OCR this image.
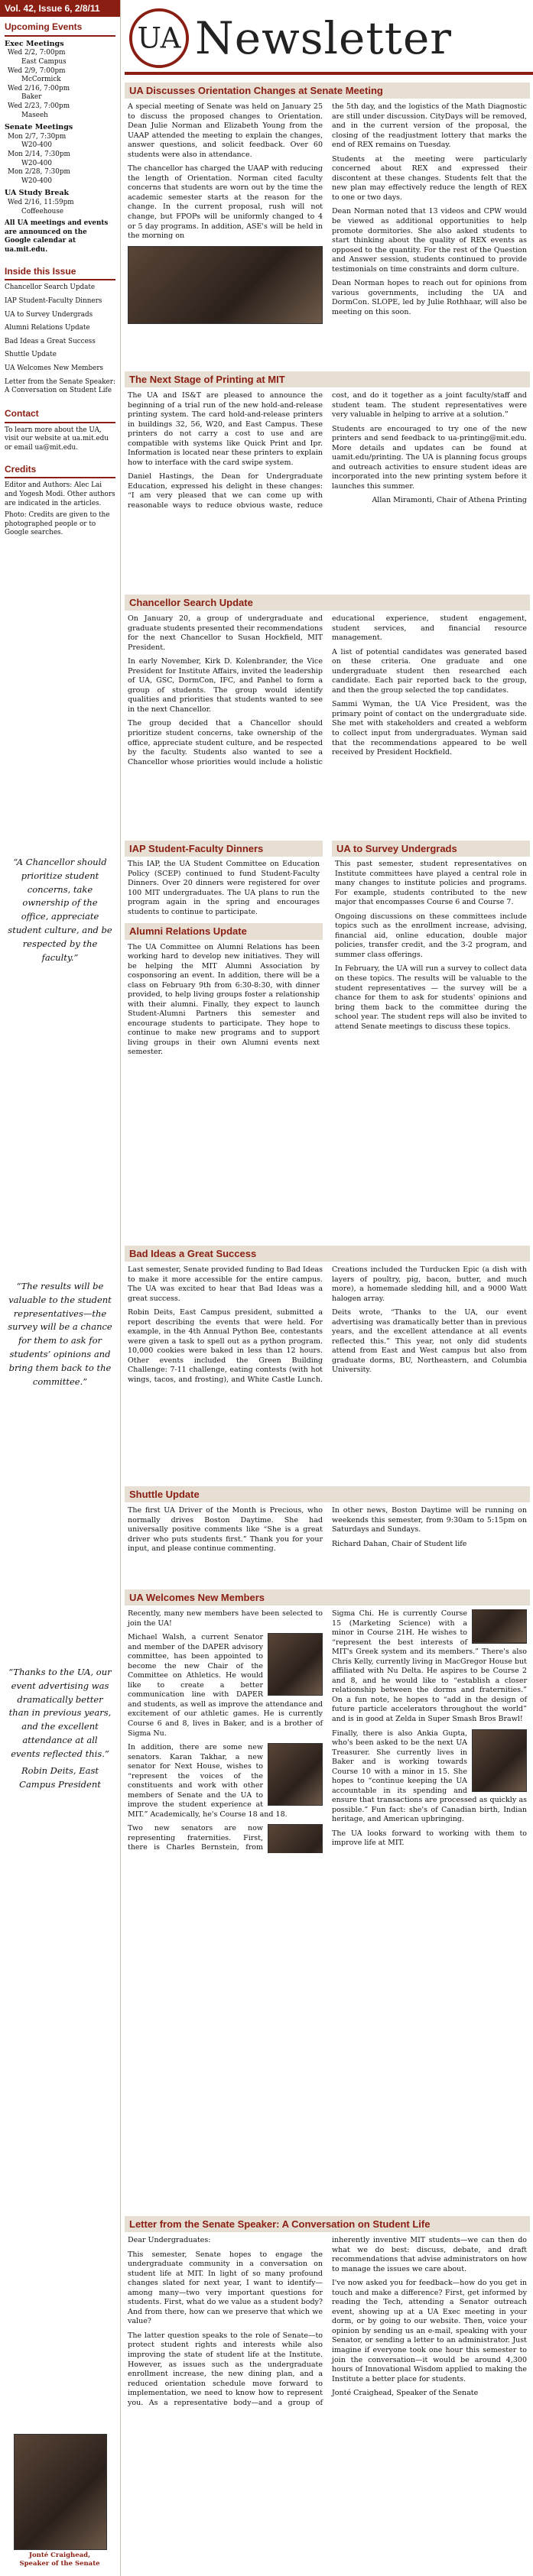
Vol. 42, Issue 6, 2/8/11
Upcoming Events
Exec Meetings
Wed 2/2, 7:00pm
East Campus
Wed 2/9, 7:00pm
McCormick
Wed 2/16, 7:00pm
Baker
Wed 2/23, 7:00pm
Maseeh
Senate Meetings
Mon 2/7, 7:30pm
W20-400
Mon 2/14, 7:30pm
W20-400
Mon 2/28, 7:30pm
W20-400
UA Study Break
Wed 2/16, 11:59pm
Coffeehouse
All UA meetings and events are announced on the Google calendar at ua.mit.edu.
Inside this Issue
Chancellor Search Update
IAP Student-Faculty Dinners
UA to Survey Undergrads
Alumni Relations Update
Bad Ideas a Great Success
Shuttle Update
UA Welcomes New Members
Letter from the Senate Speaker: A Conversation on Student Life
Contact

To learn more about the UA, visit our website at ua.mit.edu or email ua@mit.edu.

Credits

Editor and Authors: Alec Lai and Yogesh Modi. Other authors are indicated in the articles.

Photo: Credits are given to the photographed people or to Google searches.

“A Chancellor should prioritize student concerns, take ownership of the office, appreciate student culture, and be respected by the faculty.”
“The results will be valuable to the student representatives—the survey will be a chance for them to ask for students’ opinions and bring them back to the committee.”
“Thanks to the UA, our event advertising was dramatically better than in previous years, and the excellent attendance at all events reflected this.”
Robin Deits, East Campus President
Jonté Craighead, Speaker of the Senate
UA Newsletter
UA Discusses Orientation Changes at Senate Meeting

A special meeting of Senate was held on January 25 to discuss the proposed changes to Orientation. Dean Julie Norman and Elizabeth Young from the UAAP attended the meeting to explain the changes, answer questions, and solicit feedback. Over 60 students were also in attendance.

The chancellor has charged the UAAP with reducing the length of Orientation. Norman cited faculty concerns that students are worn out by the time the academic semester starts at the reason for the change. In the current proposal, rush will not change, but FPOPs will be uniformly changed to 4 or 5 day programs. In addition, ASE's will be held in the morning on

the 5th day, and the logistics of the Math Diagnostic are still under discussion. CityDays will be removed, and in the current version of the proposal, the closing of the readjustment lottery that marks the end of REX remains on Tuesday.

Students at the meeting were particularly concerned about REX and expressed their discontent at these changes. Students felt that the new plan may effectively reduce the length of REX to one or two days.

Dean Norman noted that 13 videos and CPW would be viewed as additional opportunities to help promote dormitories. She also asked students to start thinking about the quality of REX events as opposed to the quantity. For the rest of the Question and Answer session, students continued to provide testimonials on time constraints and dorm culture.

Dean Norman hopes to reach out for opinions from various governments, including the UA and DormCon. SLOPE, led by Julie Rothhaar, will also be meeting on this soon.

The Next Stage of Printing at MIT

The UA and IS&T are pleased to announce the beginning of a trial run of the new hold-and-release printing system. The card hold-and-release printers in buildings 32, 56, W20, and East Campus. These printers do not carry a cost to use and are compatible with systems like Quick Print and Ipr. Information is located near these printers to explain how to interface with the card swipe system.

Daniel Hastings, the Dean for Undergraduate Education, expressed his delight in these changes: “I am very pleased that we can come up with reasonable ways to reduce obvious waste, reduce cost, and do it together as a joint faculty/staff and student team. The student representatives were very valuable in helping to arrive at a solution.”

Students are encouraged to try one of the new printers and send feedback to ua-printing@mit.edu. More details and updates can be found at uamit.edu/printing. The UA is planning focus groups and outreach activities to ensure student ideas are incorporated into the new printing system before it launches this summer.

Allan Miramonti, Chair of Athena Printing

Chancellor Search Update

On January 20, a group of undergraduate and graduate students presented their recommendations for the next Chancellor to Susan Hockfield, MIT President.

In early November, Kirk D. Kolenbrander, the Vice President for Institute Affairs, invited the leadership of UA, GSC, DormCon, IFC, and Panhel to form a group of students. The group would identify qualities and priorities that students wanted to see in the next Chancellor.

The group decided that a Chancellor should prioritize student concerns, take ownership of the office, appreciate student culture, and be respected by the faculty. Students also wanted to see a Chancellor whose priorities would include a holistic educational experience, student engagement, student services, and financial resource management.

A list of potential candidates was generated based on these criteria. One graduate and one undergraduate student then researched each candidate. Each pair reported back to the group, and then the group selected the top candidates.

Sammi Wyman, the UA Vice President, was the primary point of contact on the undergraduate side. She met with stakeholders and created a webform to collect input from undergraduates. Wyman said that the recommendations appeared to be well received by President Hockfield.

IAP Student-Faculty Dinners

This IAP, the UA Student Committee on Education Policy (SCEP) continued to fund Student-Faculty Dinners. Over 20 dinners were registered for over 100 MIT undergraduates. The UA plans to run the program again in the spring and encourages students to continue to participate.

Alumni Relations Update

The UA Committee on Alumni Relations has been working hard to develop new initiatives. They will be helping the MIT Alumni Association by cosponsoring an event. In addition, there will be a class on February 9th from 6:30-8:30, with dinner provided, to help living groups foster a relationship with their alumni. Finally, they expect to launch Student-Alumni Partners this semester and encourage students to participate. They hope to continue to make new programs and to support living groups in their own Alumni events next semester.

UA to Survey Undergrads

This past semester, student representatives on Institute committees have played a central role in many changes to institute policies and programs. For example, students contributed to the new major that encompasses Course 6 and Course 7.

Ongoing discussions on these committees include topics such as the enrollment increase, advising, financial aid, online education, double major policies, transfer credit, and the 3-2 program, and summer class offerings.

In February, the UA will run a survey to collect data on these topics. The results will be valuable to the student representatives — the survey will be a chance for them to ask for students' opinions and bring them back to the committee during the school year. The student reps will also be invited to attend Senate meetings to discuss these topics.

Bad Ideas a Great Success

Last semester, Senate provided funding to Bad Ideas to make it more accessible for the entire campus. The UA was excited to hear that Bad Ideas was a great success.

Robin Deits, East Campus president, submitted a report describing the events that were held. For example, in the 4th Annual Python Bee, contestants were given a task to spell out as a python program. 10,000 cookies were baked in less than 12 hours. Other events included the Green Building Challenge: 7-11 challenge, eating contests (with hot wings, tacos, and frosting), and White Castle Lunch. Creations included the Turducken Epic (a dish with layers of poultry, pig, bacon, butter, and much more), a homemade sledding hill, and a 9000 Watt halogen array.

Deits wrote, “Thanks to the UA, our event advertising was dramatically better than in previous years, and the excellent attendance at all events reflected this.” This year, not only did students attend from East and West campus but also from graduate dorms, BU, Northeastern, and Columbia University.

Shuttle Update

The first UA Driver of the Month is Precious, who normally drives Boston Daytime. She had universally positive comments like “She is a great driver who puts students first.” Thank you for your input, and please continue commenting.

In other news, Boston Daytime will be running on weekends this semester, from 9:30am to 5:15pm on Saturdays and Sundays.

Richard Dahan, Chair of Student life

UA Welcomes New Members

Recently, many new members have been selected to join the UA!

Michael Walsh, a current Senator and member of the DAPER advisory committee, has been appointed to become the new Chair of the Committee on Athletics. He would like to create a better communication line with DAPER and students, as well as improve the attendance and excitement of our athletic games. He is currently Course 6 and 8, lives in Baker, and is a brother of Sigma Nu.

In addition, there are some new senators. Karan Takhar, a new senator for Next House, wishes to “represent the voices of the constituents and work with other members of Senate and the UA to improve the student experience at MIT.” Academically, he's Course 18 and 18.

Two new senators are now representing fraternities. First, there is Charles Bernstein, from Sigma Chi. He is currently Course 15 (Marketing Science) with a minor in Course 21H. He wishes to “represent the best interests of MIT's Greek system and its members.” There's also Chris Kelly, currently living in MacGregor House but affiliated with Nu Delta. He aspires to be Course 2 and 8, and he would like to “establish a closer relationship between the dorms and fraternities.” On a fun note, he hopes to “add in the design of future particle accelerators throughout the world” and is in good at Zelda in Super Smash Bros Brawl!

Finally, there is also Ankia Gupta, who's been asked to be the next UA Treasurer. She currently lives in Baker and is working towards Course 10 with a minor in 15. She hopes to “continue keeping the UA accountable in its spending and ensure that transactions are processed as quickly as possible.” Fun fact: she's of Canadian birth, Indian heritage, and American upbringing.

The UA looks forward to working with them to improve life at MIT.

Letter from the Senate Speaker: A Conversation on Student Life

Dear Undergraduates:

This semester, Senate hopes to engage the undergraduate community in a conversation on student life at MIT. In light of so many profound changes slated for next year, I want to identify—among many—two very important questions for students. First, what do we value as a student body? And from there, how can we preserve that which we value?

The latter question speaks to the role of Senate—to protect student rights and interests while also improving the state of student life at the Institute. However, as issues such as the undergraduate enrollment increase, the new dining plan, and a reduced orientation schedule move forward to implementation, we need to know how to represent you. As a representative body—and a group of inherently inventive MIT students—we can then do what we do best: discuss, debate, and draft recommendations that advise administrators on how to manage the issues we care about.

I've now asked you for feedback—how do you get in touch and make a difference? First, get informed by reading the Tech, attending a Senator outreach event, showing up at a UA Exec meeting in your dorm, or by going to our website. Then, voice your opinion by sending us an e-mail, speaking with your Senator, or sending a letter to an administrator. Just imagine if everyone took one hour this semester to join the conversation—it would be around 4,300 hours of Innovational Wisdom applied to making the Institute a better place for students.

Jonté Craighead, Speaker of the Senate
